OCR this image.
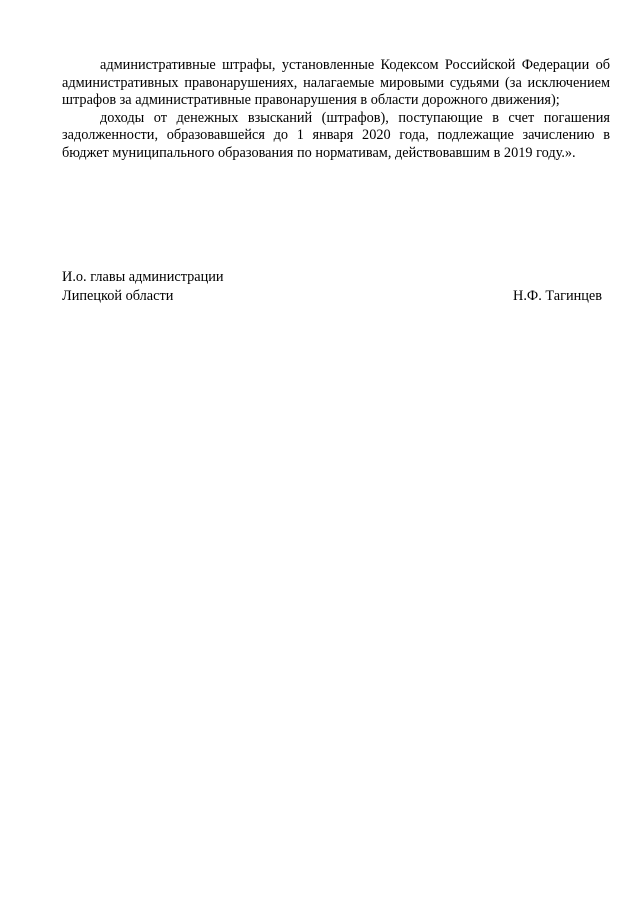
административные штрафы, установленные Кодексом Российской Федерации об административных правонарушениях, налагаемые мировыми судьями (за исключением штрафов за административные правонарушения в области дорожного движения);

доходы от денежных взысканий (штрафов), поступающие в счет погашения задолженности, образовавшейся до 1 января 2020 года, подлежащие зачислению в бюджет муниципального образования по нормативам, действовавшим в 2019 году.».

И.о. главы администрации
Липецкой области	Н.Ф. Тагинцев
